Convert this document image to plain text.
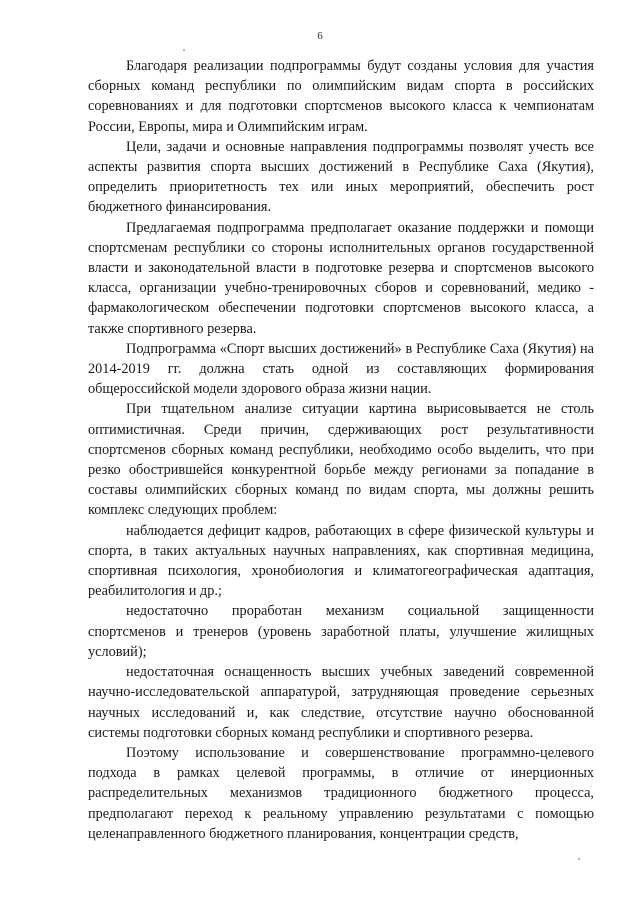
6

Благодаря реализации подпрограммы будут созданы условия для участия сборных команд республики по олимпийским видам спорта в российских соревнованиях и для подготовки спортсменов высокого класса к чемпионатам России, Европы, мира и Олимпийским играм.

Цели, задачи и основные направления подпрограммы позволят учесть все аспекты развития спорта высших достижений в Республике Саха (Якутия), определить приоритетность тех или иных мероприятий, обеспечить рост бюджетного финансирования.

Предлагаемая подпрограмма предполагает оказание поддержки и помощи спортсменам республики со стороны исполнительных органов государственной власти и законодательной власти в подготовке резерва и спортсменов высокого класса, организации учебно-тренировочных сборов и соревнований, медико - фармакологическом обеспечении подготовки спортсменов высокого класса, а также спортивного резерва.

Подпрограмма «Спорт высших достижений» в Республике Саха (Якутия) на 2014-2019 гг. должна стать одной из составляющих формирования общероссийской модели здорового образа жизни нации.

При тщательном анализе ситуации картина вырисовывается не столь оптимистичная. Среди причин, сдерживающих рост результативности спортсменов сборных команд республики, необходимо особо выделить, что при резко обострившейся конкурентной борьбе между регионами за попадание в составы олимпийских сборных команд по видам спорта, мы должны решить комплекс следующих проблем:

наблюдается дефицит кадров, работающих в сфере физической культуры и спорта, в таких актуальных научных направлениях, как спортивная медицина, спортивная психология, хронобиология и климатогеографическая адаптация, реабилитология и др.;

недостаточно проработан механизм социальной защищенности спортсменов и тренеров (уровень заработной платы, улучшение жилищных условий);

недостаточная оснащенность высших учебных заведений современной научно-исследовательской аппаратурой, затрудняющая проведение серьезных научных исследований и, как следствие, отсутствие научно обоснованной системы подготовки сборных команд республики и спортивного резерва.

Поэтому использование и совершенствование программно-целевого подхода в рамках целевой программы, в отличие от инерционных распределительных механизмов традиционного бюджетного процесса, предполагают переход к реальному управлению результатами с помощью целенаправленного бюджетного планирования, концентрации средств,
